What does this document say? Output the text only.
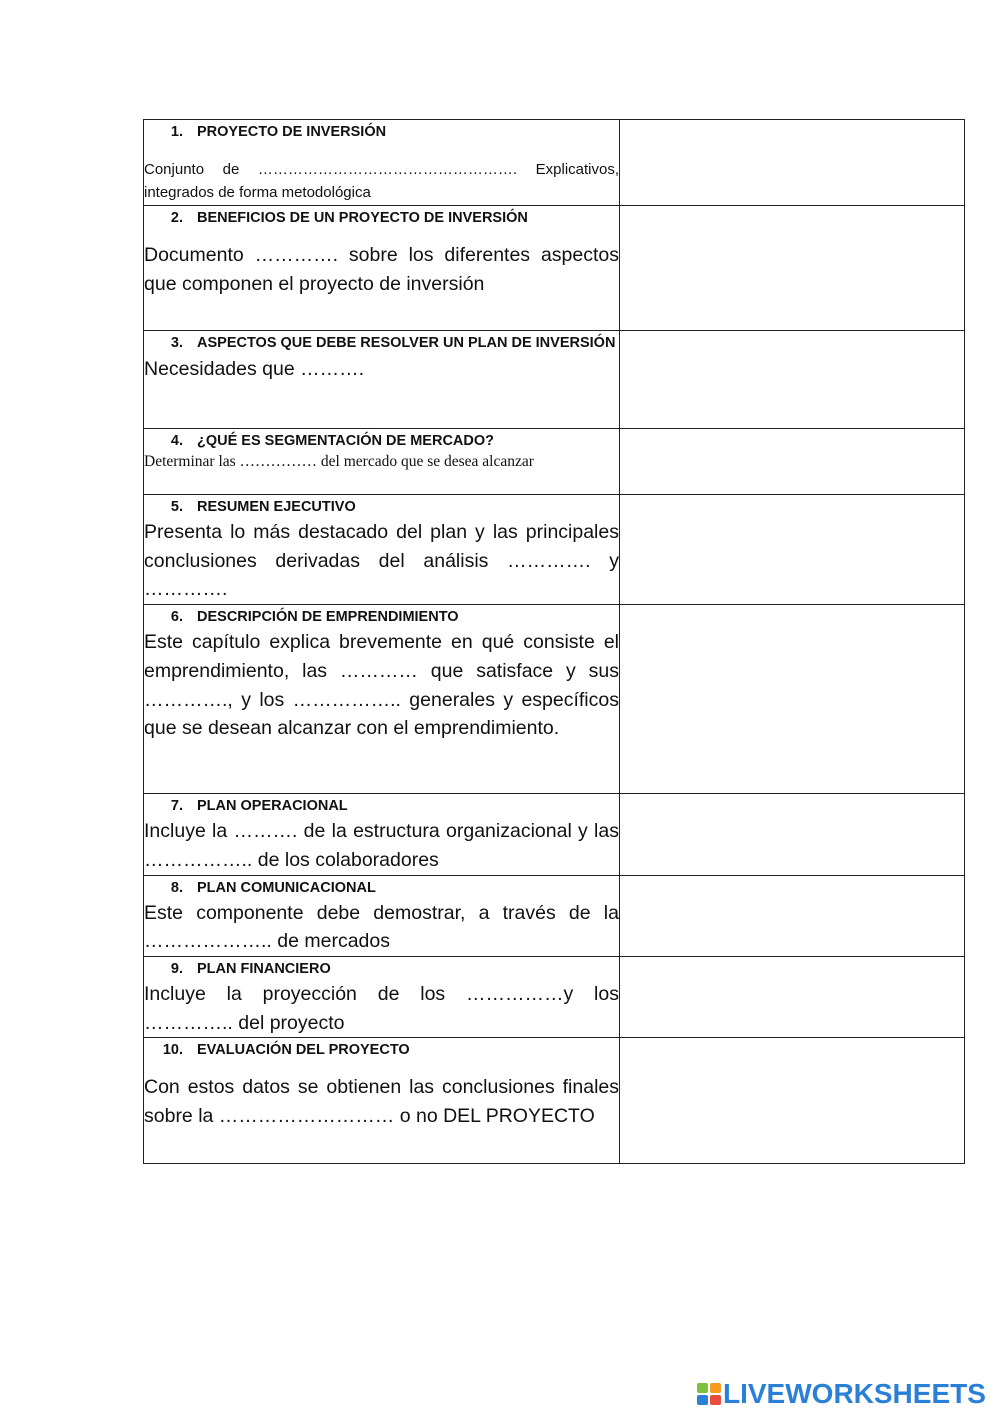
1. PROYECTO DE INVERSIÓN
Conjunto de ……………………………………………. Explicativos, integrados de forma metodológica	

2. BENEFICIOS DE UN PROYECTO DE INVERSIÓN
Documento …………. sobre los diferentes aspectos que componen el proyecto de inversión	

3. ASPECTOS QUE DEBE RESOLVER UN PLAN DE INVERSIÓN
Necesidades que ……….	

4. ¿QUÉ ES SEGMENTACIÓN DE MERCADO?
Determinar las …………… del mercado que se desea alcanzar	

5. RESUMEN EJECUTIVO
Presenta lo más destacado del plan y las principales conclusiones derivadas del análisis …………. y ………….	

6. DESCRIPCIÓN DE EMPRENDIMIENTO
Este capítulo explica brevemente en qué consiste el emprendimiento, las ………… que satisface y sus …………., y los …………….. generales y específicos que se desean alcanzar con el emprendimiento.	

7. PLAN OPERACIONAL
Incluye la ………. de la estructura organizacional y las …………….. de los colaboradores	

8. PLAN COMUNICACIONAL
Este componente debe demostrar, a través de la ……………….. de mercados	

9. PLAN FINANCIERO
Incluye la proyección de los ……………y los ………….. del proyecto	

10. EVALUACIÓN DEL PROYECTO
Con estos datos se obtienen las conclusiones finales sobre la ……………………… o no DEL PROYECTO	

LIVEWORKSHEETS
